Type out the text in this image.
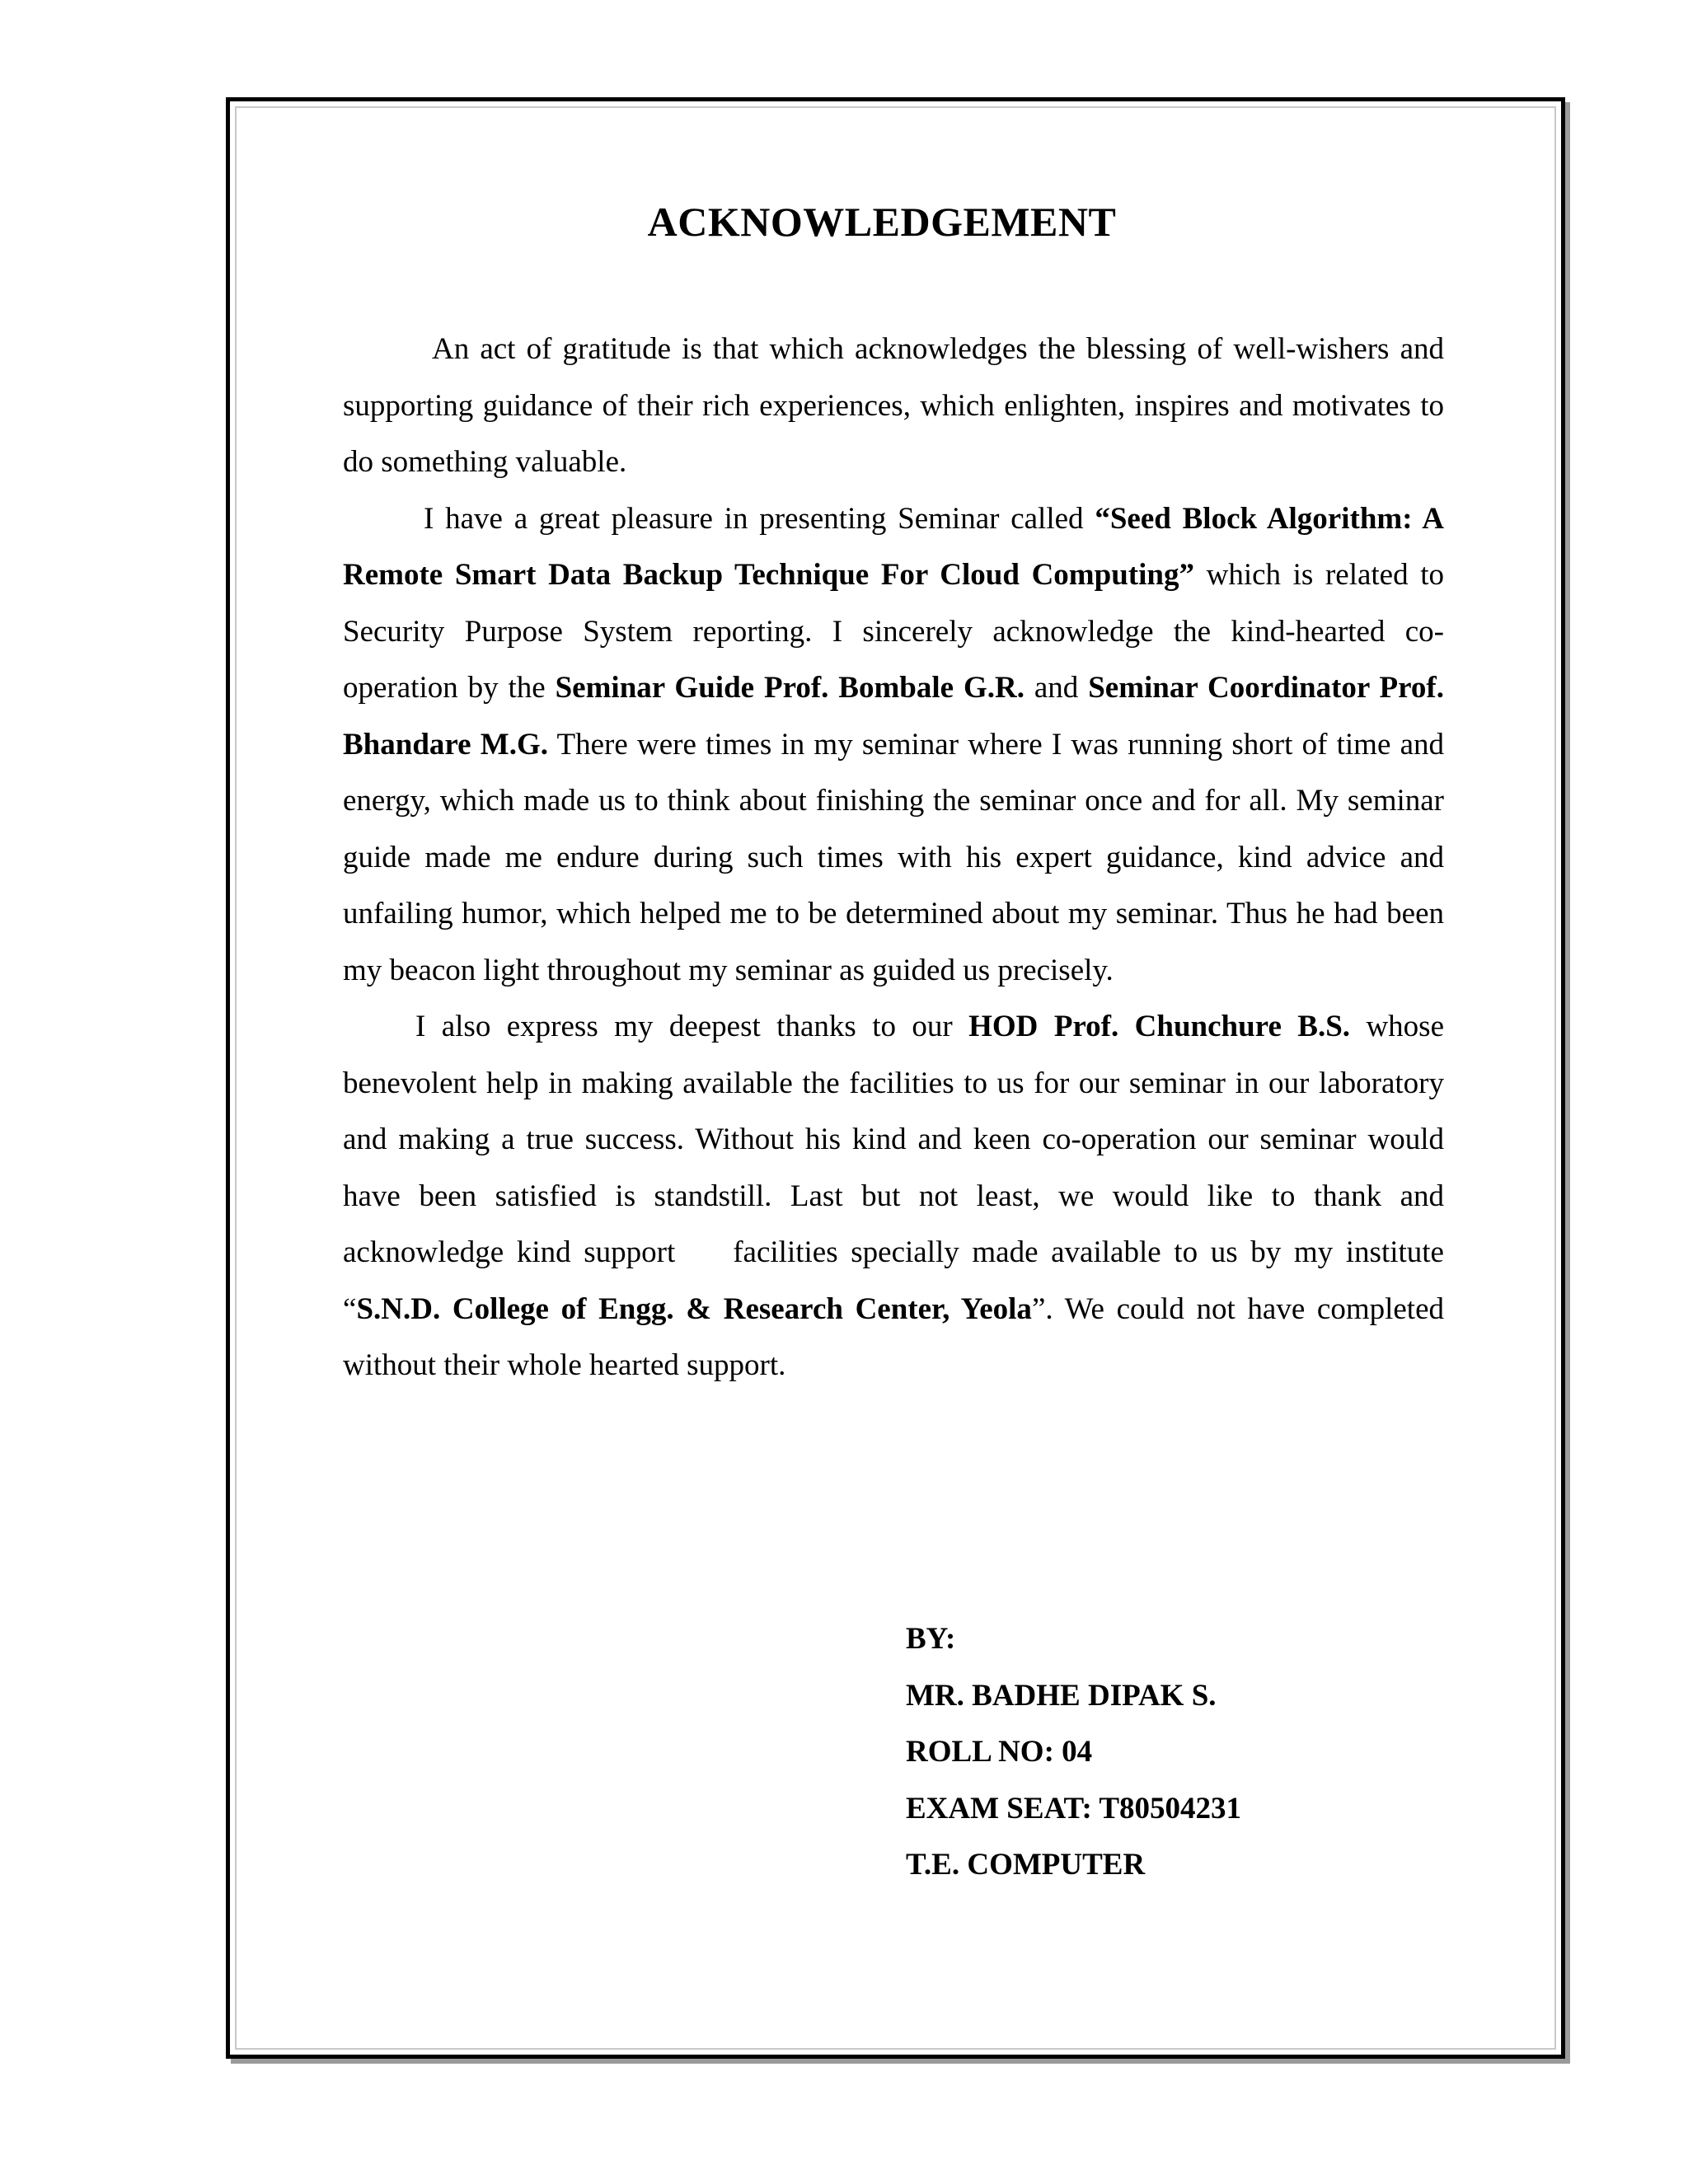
ACKNOWLEDGEMENT

An act of gratitude is that which acknowledges the blessing of well-wishers and supporting guidance of their rich experiences, which enlighten, inspires and motivates to do something valuable.

I have a great pleasure in presenting Seminar called “Seed Block Algorithm: A Remote Smart Data Backup Technique For Cloud Computing” which is related to Security Purpose System reporting. I sincerely acknowledge the kind-hearted co- operation by the Seminar Guide Prof. Bombale G.R. and Seminar Coordinator Prof. Bhandare M.G. There were times in my seminar where I was running short of time and energy, which made us to think about finishing the seminar once and for all. My seminar guide made me endure during such times with his expert guidance, kind advice and unfailing humor, which helped me to be determined about my seminar. Thus he had been my beacon light throughout my seminar as guided us precisely.

I also express my deepest thanks to our HOD Prof. Chunchure B.S. whose benevolent help in making available the facilities to us for our seminar in our laboratory and making a true success. Without his kind and keen co-operation our seminar would have been satisfied is standstill. Last but not least, we would like to thank and acknowledge kind support facilities specially made available to us by my institute “S.N.D. College of Engg. & Research Center, Yeola”. We could not have completed without their whole hearted support.

BY:
MR. BADHE DIPAK S.
ROLL NO: 04
EXAM SEAT: T80504231
T.E. COMPUTER
